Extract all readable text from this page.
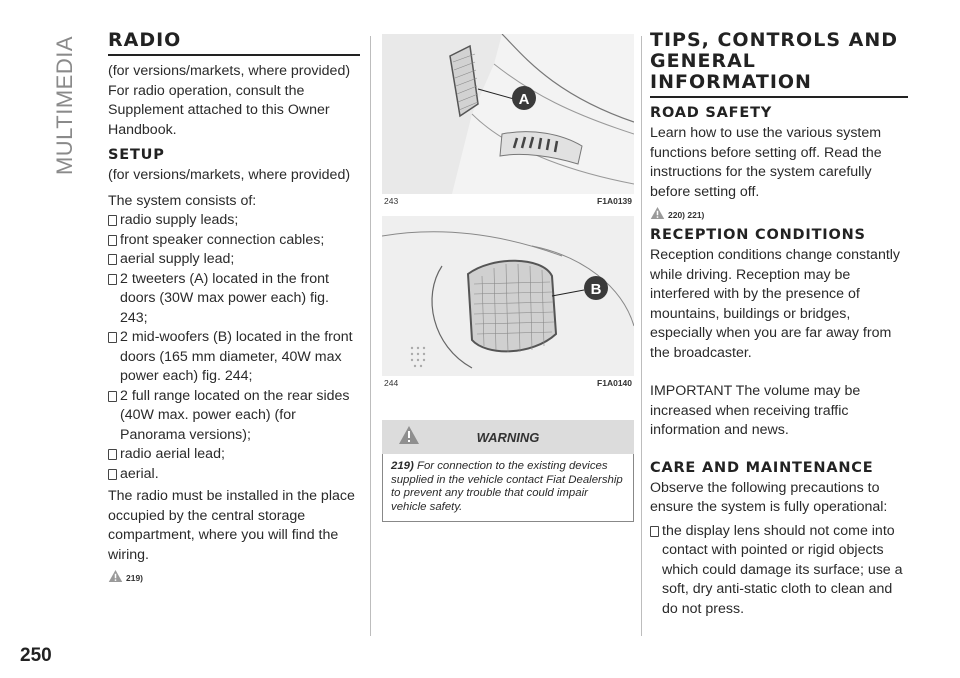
MULTIMEDIA
250
RADIO

(for versions/markets, where provided)

For radio operation, consult the Supplement attached to this Owner Handbook.

SETUP

(for versions/markets, where provided)

The system consists of:

radio supply leads;
front speaker connection cables;
aerial supply lead;
2 tweeters (A) located in the front doors (30W max power each) fig. 243;
2 mid-woofers (B) located in the front doors (165 mm diameter, 40W max power each) fig. 244;
2 full range located on the rear sides (40W max. power each) (for Panorama versions);
radio aerial lead;
aerial.

The radio must be installed in the place occupied by the central storage compartment, where you will find the wiring.

219)
A
243	F1A0139
B
244	F1A0140
WARNING
219) For connection to the existing devices supplied in the vehicle contact Fiat Dealership to prevent any trouble that could impair vehicle safety.
TIPS, CONTROLS AND GENERAL INFORMATION
ROAD SAFETY

Learn how to use the various system functions before setting off. Read the instructions for the system carefully before setting off.

220) 221)
RECEPTION CONDITIONS

Reception conditions change constantly while driving. Reception may be interfered with by the presence of mountains, buildings or bridges, especially when you are far away from the broadcaster.

IMPORTANT The volume may be increased when receiving traffic information and news.

CARE AND MAINTENANCE

Observe the following precautions to ensure the system is fully operational:

the display lens should not come into contact with pointed or rigid objects which could damage its surface; use a soft, dry anti-static cloth to clean and do not press.
